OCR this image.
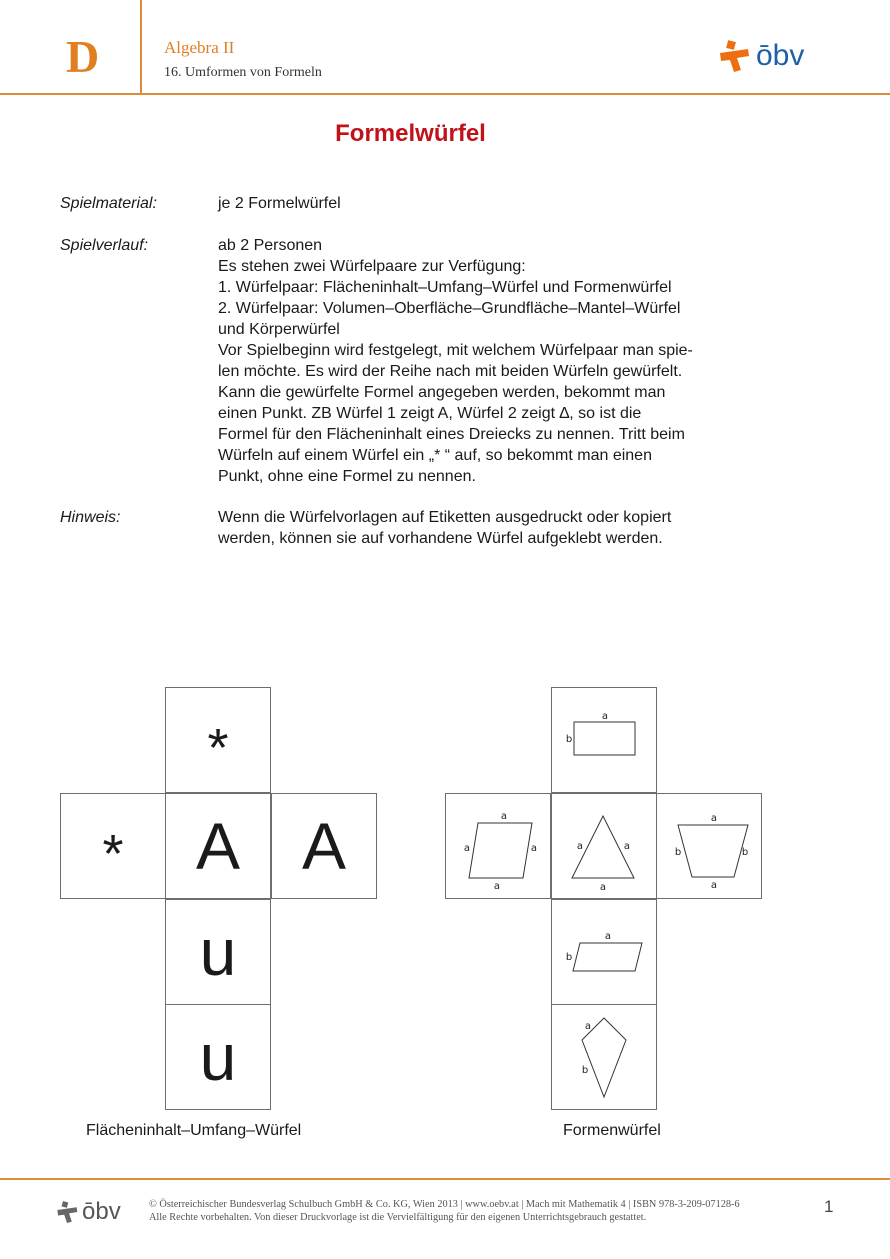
D	Algebra II
16. Umformen von Formeln
ōbv
Formelwürfel
Spielmaterial:	je 2 Formelwürfel
Spielverlauf:	ab 2 Personen
Es stehen zwei Würfelpaare zur Verfügung:
1. Würfelpaar: Flächeninhalt–Umfang–Würfel und Formenwürfel
2. Würfelpaar: Volumen–Oberfläche–Grundfläche–Mantel–Würfel
und Körperwürfel
Vor Spielbeginn wird festgelegt, mit welchem Würfelpaar man spie-
len möchte. Es wird der Reihe nach mit beiden Würfeln gewürfelt.
Kann die gewürfelte Formel angegeben werden, bekommt man
einen Punkt. ZB Würfel 1 zeigt A, Würfel 2 zeigt ∆, so ist die
Formel für den Flächeninhalt eines Dreiecks zu nennen. Tritt beim
Würfeln auf einem Würfel ein „* “ auf, so bekommt man einen
Punkt, ohne eine Formel zu nennen.
Hinweis:	Wenn die Würfelvorlagen auf Etiketten ausgedruckt oder kopiert
werden, können sie auf vorhandene Würfel aufgeklebt werden.
*
* A A
u
u
Flächeninhalt–Umfang–Würfel
a
b
a
a	a
a
a	a
a
a
b	b
a
a
b
a
b
Formenwürfel
ōbv	© Österreichischer Bundesverlag Schulbuch GmbH & Co. KG, Wien 2013 | www.oebv.at | Mach mit Mathematik 4 | ISBN 978-3-209-07128-6
Alle Rechte vorbehalten. Von dieser Druckvorlage ist die Vervielfältigung für den eigenen Unterrichtsgebrauch gestattet.
1
